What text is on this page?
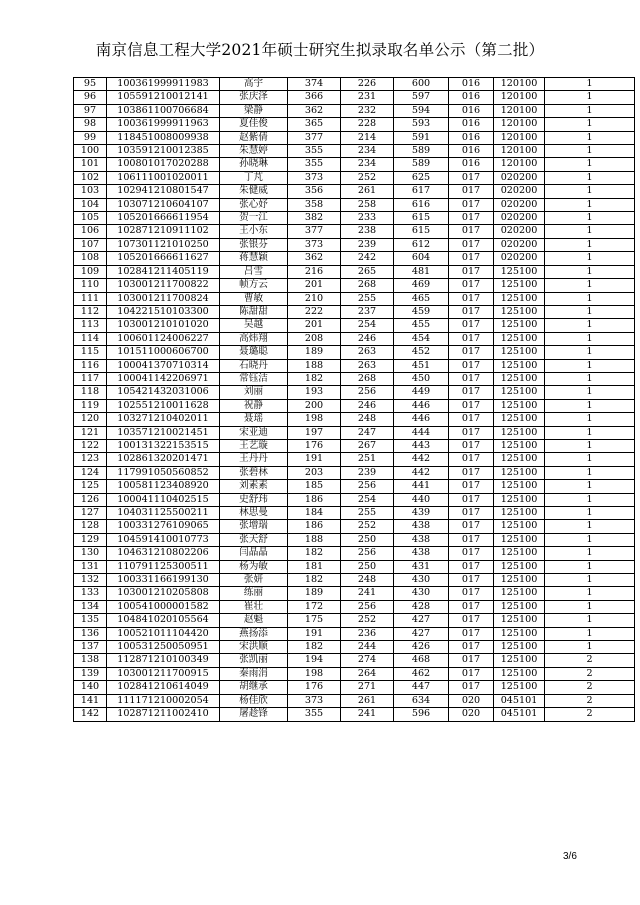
南京信息工程大学2021年硕士研究生拟录取名单公示（第二批）
95	100361999911983	高宇	374	226	600	016	120100	1
96	105591210012141	张庆泽	366	231	597	016	120100	1
97	103861100706684	梁静	362	232	594	016	120100	1
98	100361999911963	夏佳俊	365	228	593	016	120100	1
99	118451008009938	赵紫倩	377	214	591	016	120100	1
100	103591210012385	朱慧婷	355	234	589	016	120100	1
101	100801017020288	孙晓琳	355	234	589	016	120100	1
102	106111001020011	丁芃	373	252	625	017	020200	1
103	102941210801547	朱健威	356	261	617	017	020200	1
104	103071210604107	张心妤	358	258	616	017	020200	1
105	105201666611954	贺一江	382	233	615	017	020200	1
106	102871210911102	王小东	377	238	615	017	020200	1
107	107301121010250	张银芬	373	239	612	017	020200	1
108	105201666611627	蒋慧颖	362	242	604	017	020200	1
109	102841211405119	吕雪	216	265	481	017	125100	1
110	103001211700822	帧方云	201	268	469	017	125100	1
111	103001211700824	曹敏	210	255	465	017	125100	1
112	104221510103300	陈甜甜	222	237	459	017	125100	1
113	103001210101020	吴越	201	254	455	017	125100	1
114	100601124006227	高炜翔	208	246	454	017	125100	1
115	101511000606700	聂璐聪	189	263	452	017	125100	1
116	100041370710314	石晓丹	188	263	451	017	125100	1
117	100041142206971	常钰洁	182	268	450	017	125100	1
118	105421432031006	刘丽	193	256	449	017	125100	1
119	102551210011628	祝静	200	246	446	017	125100	1
120	103271210402011	聂瑶	198	248	446	017	125100	1
121	103571210021451	宋亚迪	197	247	444	017	125100	1
122	100131322153515	王艺璇	176	267	443	017	125100	1
123	102861320201471	王丹丹	191	251	442	017	125100	1
124	117991050560852	张碧林	203	239	442	017	125100	1
125	100581123408920	刘素素	185	256	441	017	125100	1
126	100041110402515	史舒玮	186	254	440	017	125100	1
127	104031125500211	林思曼	184	255	439	017	125100	1
128	100331276109065	张增瑞	186	252	438	017	125100	1
129	104591410010773	张天舒	188	250	438	017	125100	1
130	104631210802206	闫晶晶	182	256	438	017	125100	1
131	110791125300511	杨为敏	181	250	431	017	125100	1
132	100331166199130	张妍	182	248	430	017	125100	1
133	103001210205808	练丽	189	241	430	017	125100	1
134	100541000001582	崔壮	172	256	428	017	125100	1
135	104841020105564	赵魁	175	252	427	017	125100	1
136	100521011104420	燕扬添	191	236	427	017	125100	1
137	100531250050951	宋洪顺	182	244	426	017	125100	1
138	112871210100349	张凯丽	194	274	468	017	125100	2
139	103001211700915	秦雨涓	198	264	462	017	125100	2
140	102841210614049	胡继承	176	271	447	017	125100	2
141	111171210002054	杨佳欣	373	261	634	020	045101	2
142	102871211002410	屠趁锋	355	241	596	020	045101	2
3/6
